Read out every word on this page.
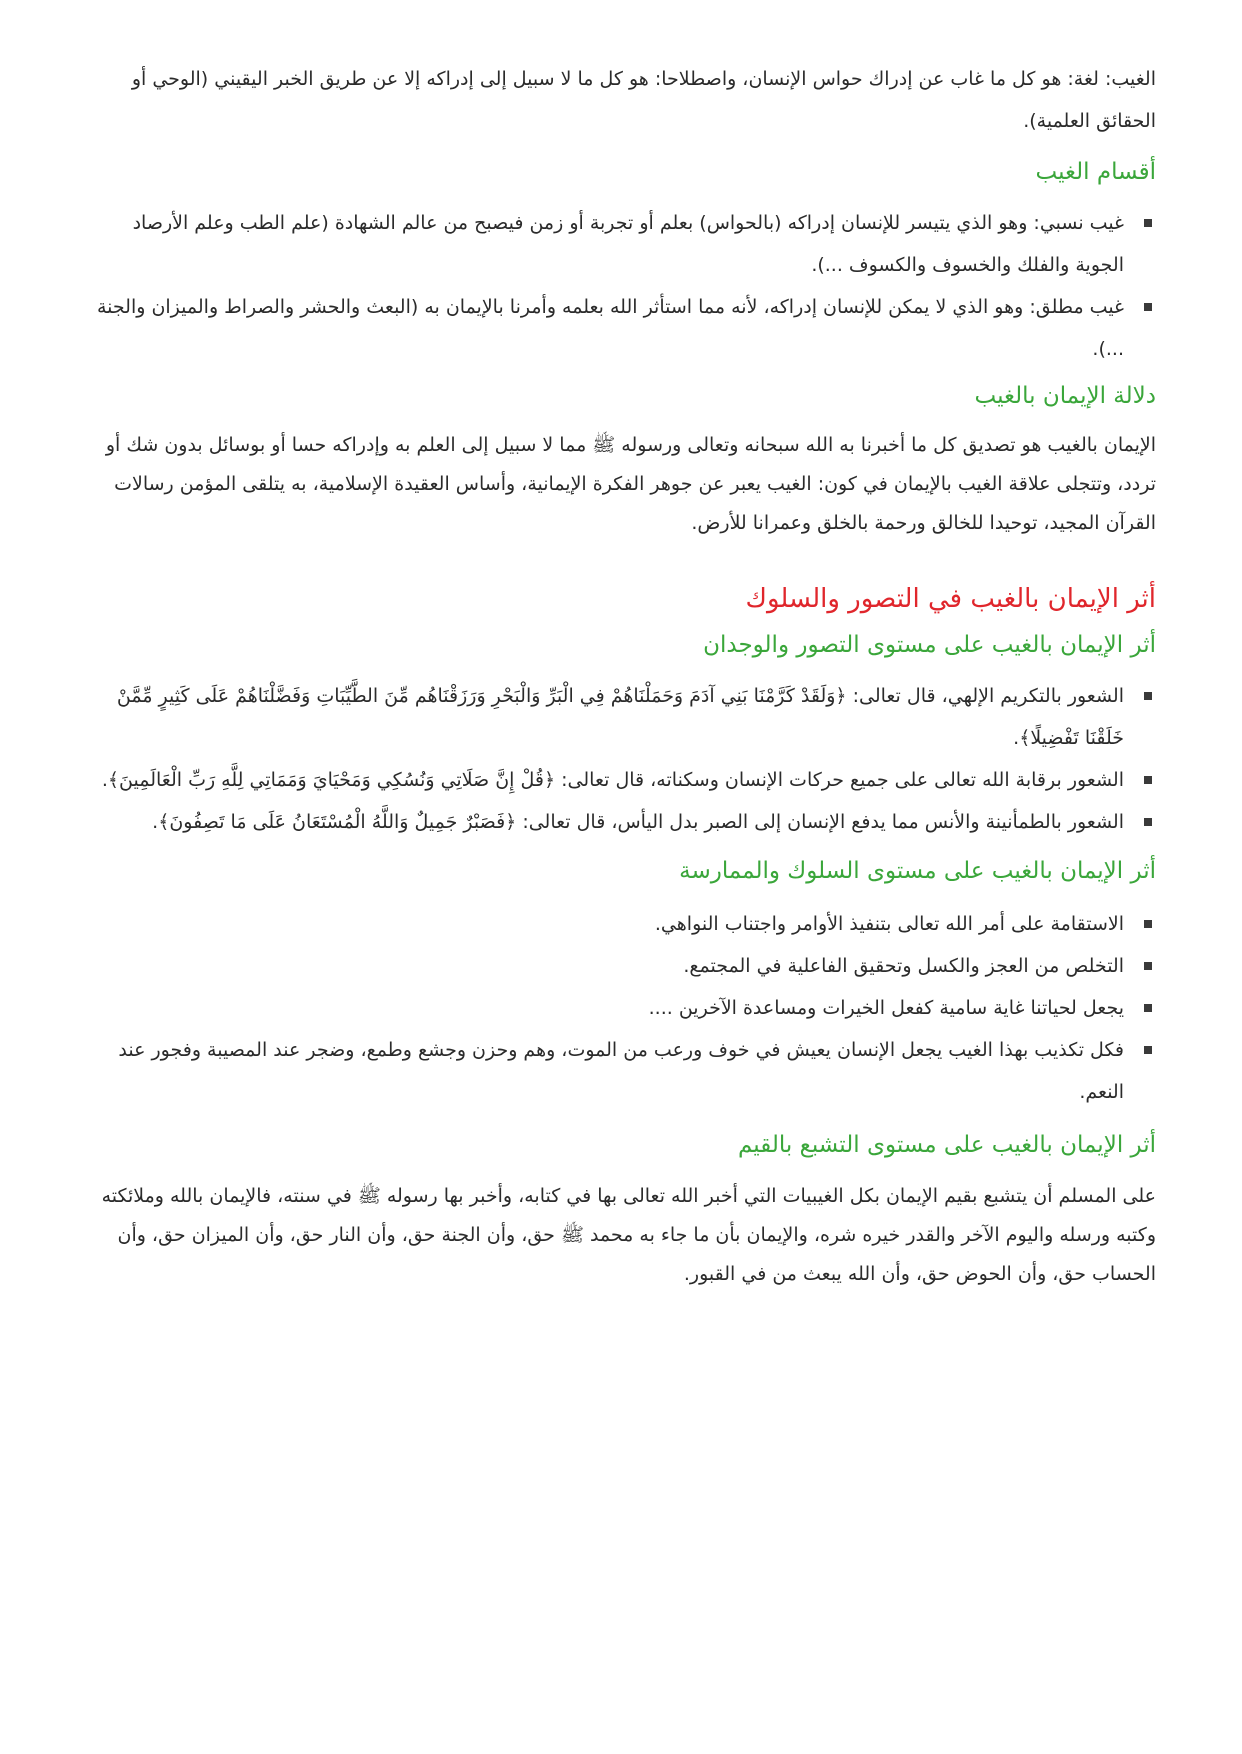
الغيب: لغة: هو كل ما غاب عن إدراك حواس الإنسان، واصطلاحا: هو كل ما لا سبيل إلى إدراكه إلا عن طريق الخبر اليقيني (الوحي أو الحقائق العلمية).

أقسام الغيب
غيب نسبي: وهو الذي يتيسر للإنسان إدراكه (بالحواس) بعلم أو تجربة أو زمن فيصبح من عالم الشهادة (علم الطب وعلم الأرصاد الجوية والفلك والخسوف والكسوف ...).
غيب مطلق: وهو الذي لا يمكن للإنسان إدراكه، لأنه مما استأثر الله بعلمه وأمرنا بالإيمان به (البعث والحشر والصراط والميزان والجنة ...).
دلالة الإيمان بالغيب

الإيمان بالغيب هو تصديق كل ما أخبرنا به الله سبحانه وتعالى ورسوله ﷺ مما لا سبيل إلى العلم به وإدراكه حسا أو بوسائل بدون شك أو تردد، وتتجلى علاقة الغيب بالإيمان في كون: الغيب يعبر عن جوهر الفكرة الإيمانية، وأساس العقيدة الإسلامية، به يتلقى المؤمن رسالات القرآن المجيد، توحيدا للخالق ورحمة بالخلق وعمرانا للأرض.

أثر الإيمان بالغيب في التصور والسلوك
أثر الإيمان بالغيب على مستوى التصور والوجدان
الشعور بالتكريم الإلهي، قال تعالى: ﴿وَلَقَدْ كَرَّمْنَا بَنِي آدَمَ وَحَمَلْنَاهُمْ فِي الْبَرِّ وَالْبَحْرِ وَرَزَقْنَاهُم مِّنَ الطَّيِّبَاتِ وَفَضَّلْنَاهُمْ عَلَى كَثِيرٍ مِّمَّنْ خَلَقْنَا تَفْضِيلًا﴾.
الشعور برقابة الله تعالى على جميع حركات الإنسان وسكناته، قال تعالى: ﴿قُلْ إِنَّ صَلَاتِي وَنُسُكِي وَمَحْيَايَ وَمَمَاتِي لِلَّهِ رَبِّ الْعَالَمِينَ﴾.
الشعور بالطمأنينة والأنس مما يدفع الإنسان إلى الصبر بدل اليأس، قال تعالى: ﴿فَصَبْرٌ جَمِيلٌ وَاللَّهُ الْمُسْتَعَانُ عَلَى مَا تَصِفُونَ﴾.
أثر الإيمان بالغيب على مستوى السلوك والممارسة
الاستقامة على أمر الله تعالى بتنفيذ الأوامر واجتناب النواهي.
التخلص من العجز والكسل وتحقيق الفاعلية في المجتمع.
يجعل لحياتنا غاية سامية كفعل الخيرات ومساعدة الآخرين ....
فكل تكذيب بهذا الغيب يجعل الإنسان يعيش في خوف ورعب من الموت، وهم وحزن وجشع وطمع، وضجر عند المصيبة وفجور عند النعم.
أثر الإيمان بالغيب على مستوى التشبع بالقيم

على المسلم أن يتشبع بقيم الإيمان بكل الغيبيات التي أخبر الله تعالى بها في كتابه، وأخبر بها رسوله ﷺ في سنته، فالإيمان بالله وملائكته وكتبه ورسله واليوم الآخر والقدر خيره شره، والإيمان بأن ما جاء به محمد ﷺ حق، وأن الجنة حق، وأن النار حق، وأن الميزان حق، وأن الحساب حق، وأن الحوض حق، وأن الله يبعث من في القبور.
